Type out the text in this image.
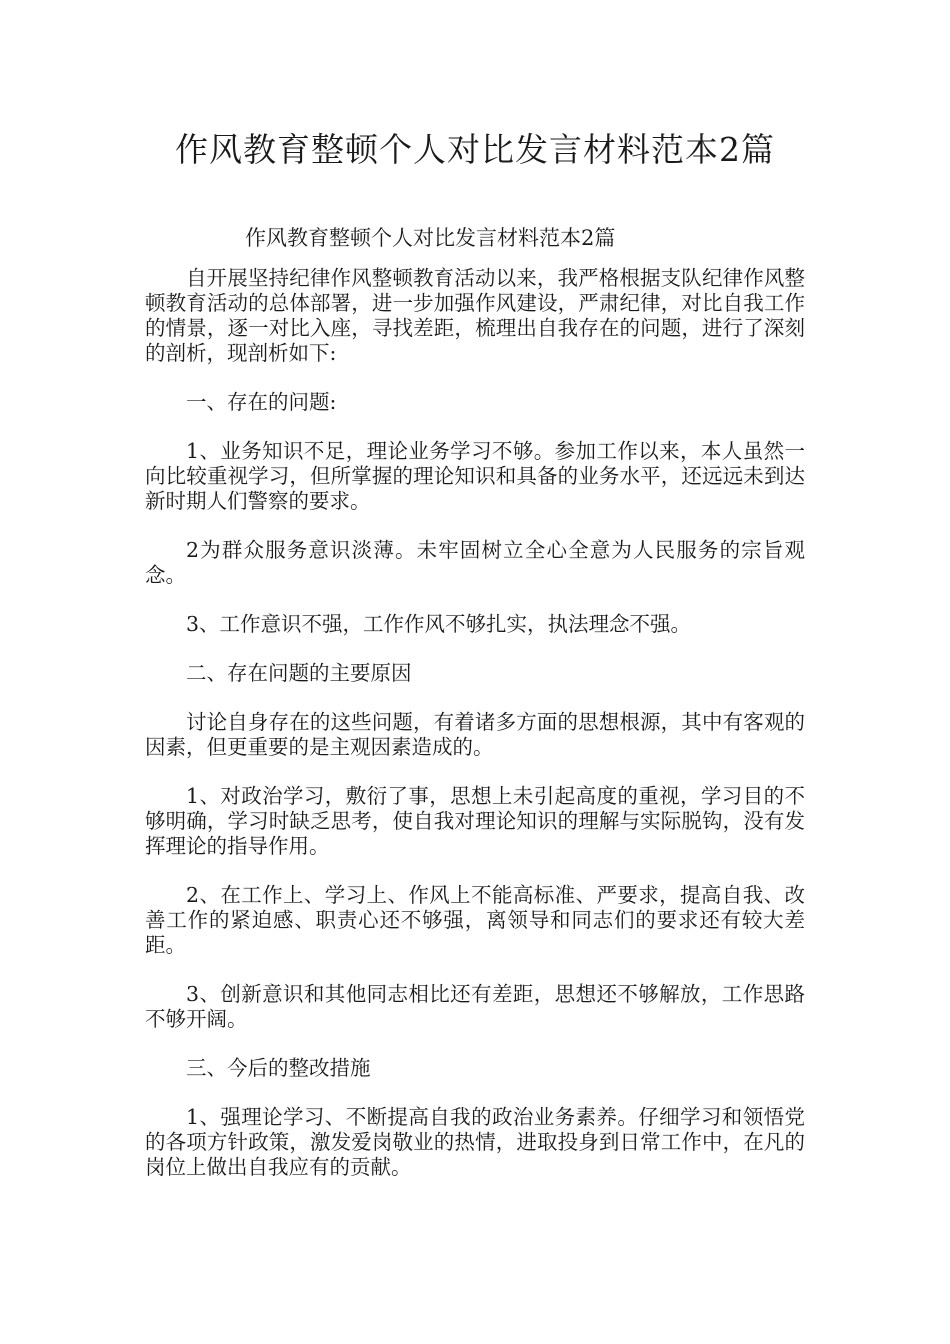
作风教育整顿个人对比发言材料范本2篇

作风教育整顿个人对比发言材料范本2篇

自开展坚持纪律作风整顿教育活动以来，我严格根据支队纪律作风整顿教育活动的总体部署，进一步加强作风建设，严肃纪律，对比自我工作的情景，逐一对比入座，寻找差距，梳理出自我存在的问题，进行了深刻的剖析，现剖析如下:

一、存在的问题:

1、业务知识不足，理论业务学习不够。参加工作以来，本人虽然一向比较重视学习，但所掌握的理论知识和具备的业务水平，还远远未到达新时期人们警察的要求。

2为群众服务意识淡薄。未牢固树立全心全意为人民服务的宗旨观念。

3、工作意识不强，工作作风不够扎实，执法理念不强。

二、存在问题的主要原因

讨论自身存在的这些问题，有着诸多方面的思想根源，其中有客观的因素，但更重要的是主观因素造成的。

1、对政治学习，敷衍了事，思想上未引起高度的重视，学习目的不够明确，学习时缺乏思考，使自我对理论知识的理解与实际脱钩，没有发挥理论的指导作用。

2、在工作上、学习上、作风上不能高标准、严要求，提高自我、改善工作的紧迫感、职责心还不够强，离领导和同志们的要求还有较大差距。

3、创新意识和其他同志相比还有差距，思想还不够解放，工作思路不够开阔。

三、今后的整改措施

1、强理论学习、不断提高自我的政治业务素养。仔细学习和领悟党的各项方针政策，激发爱岗敬业的热情，进取投身到日常工作中，在凡的岗位上做出自我应有的贡献。
